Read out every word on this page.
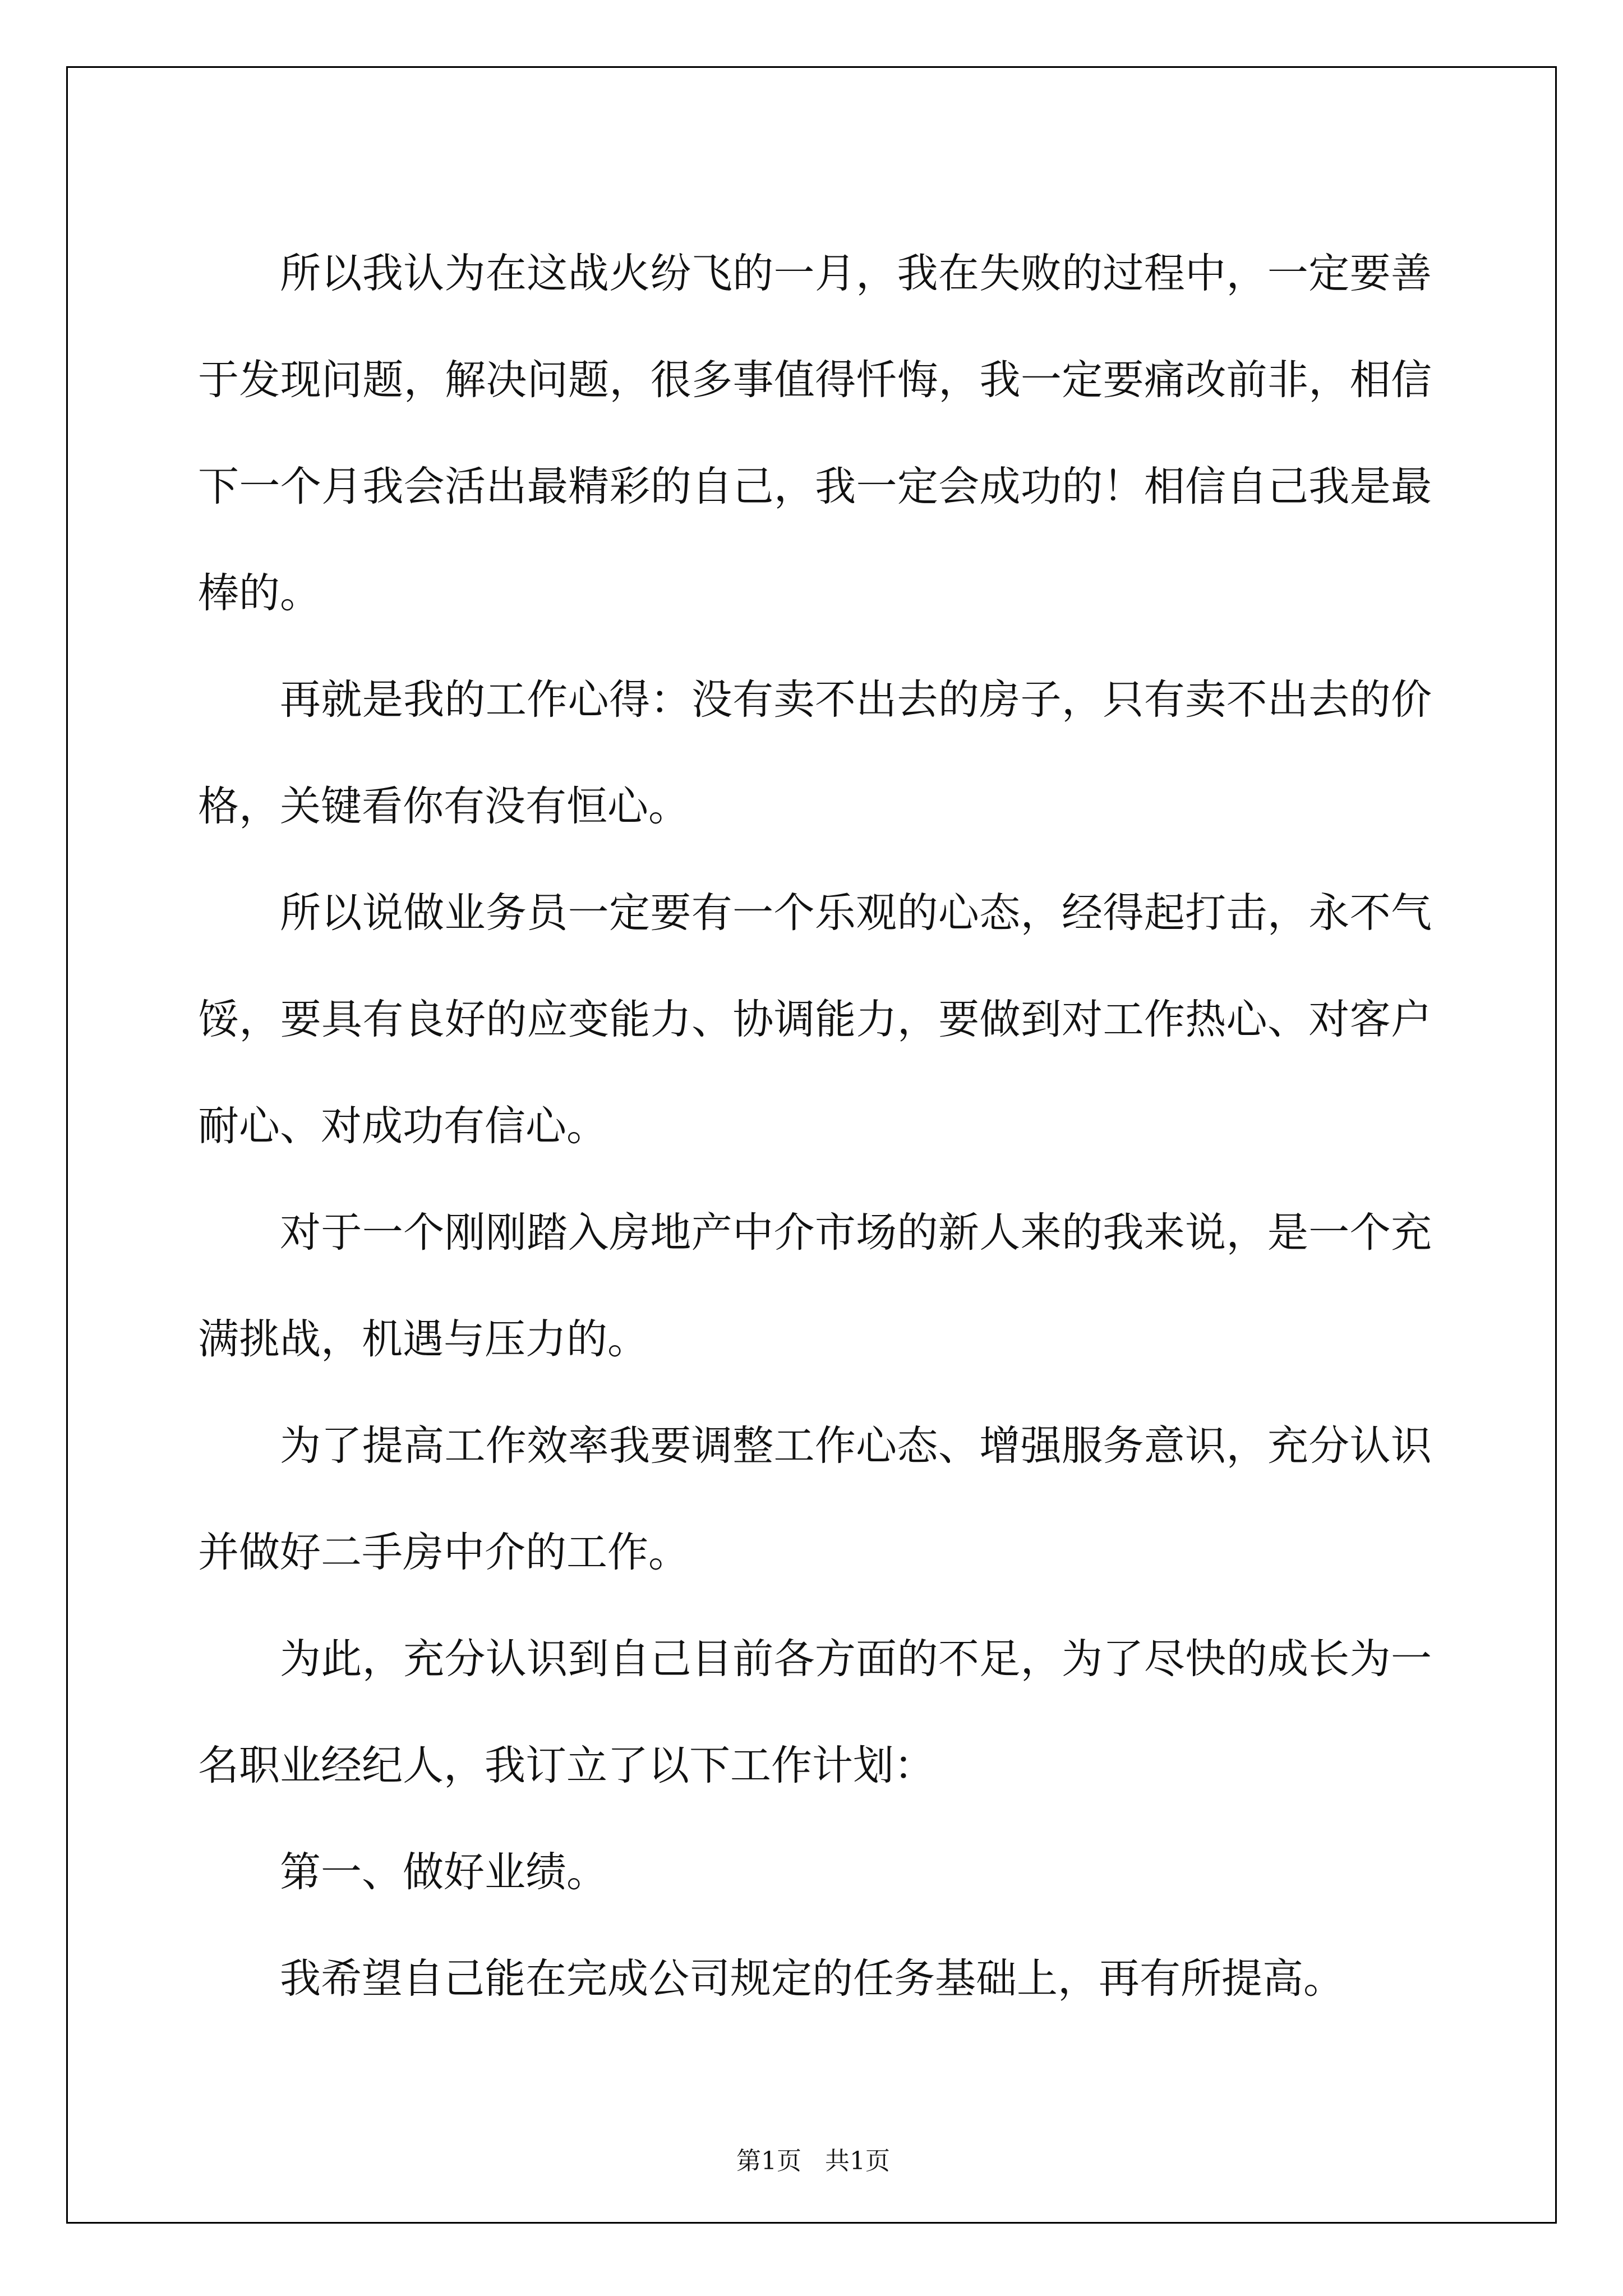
所以我认为在这战火纷飞的一月，我在失败的过程中，一定要善于发现问题，解决问题，很多事值得忏悔，我一定要痛改前非，相信下一个月我会活出最精彩的自己，我一定会成功的！相信自己我是最棒的。

再就是我的工作心得：没有卖不出去的房子，只有卖不出去的价格，关键看你有没有恒心。

所以说做业务员一定要有一个乐观的心态，经得起打击，永不气馁，要具有良好的应变能力、协调能力，要做到对工作热心、对客户耐心、对成功有信心。

对于一个刚刚踏入房地产中介市场的新人来的我来说，是一个充满挑战，机遇与压力的。

为了提高工作效率我要调整工作心态、增强服务意识，充分认识并做好二手房中介的工作。

为此，充分认识到自己目前各方面的不足，为了尽快的成长为一名职业经纪人，我订立了以下工作计划：

第一、做好业绩。

我希望自己能在完成公司规定的任务基础上，再有所提高。

第1页   共1页
